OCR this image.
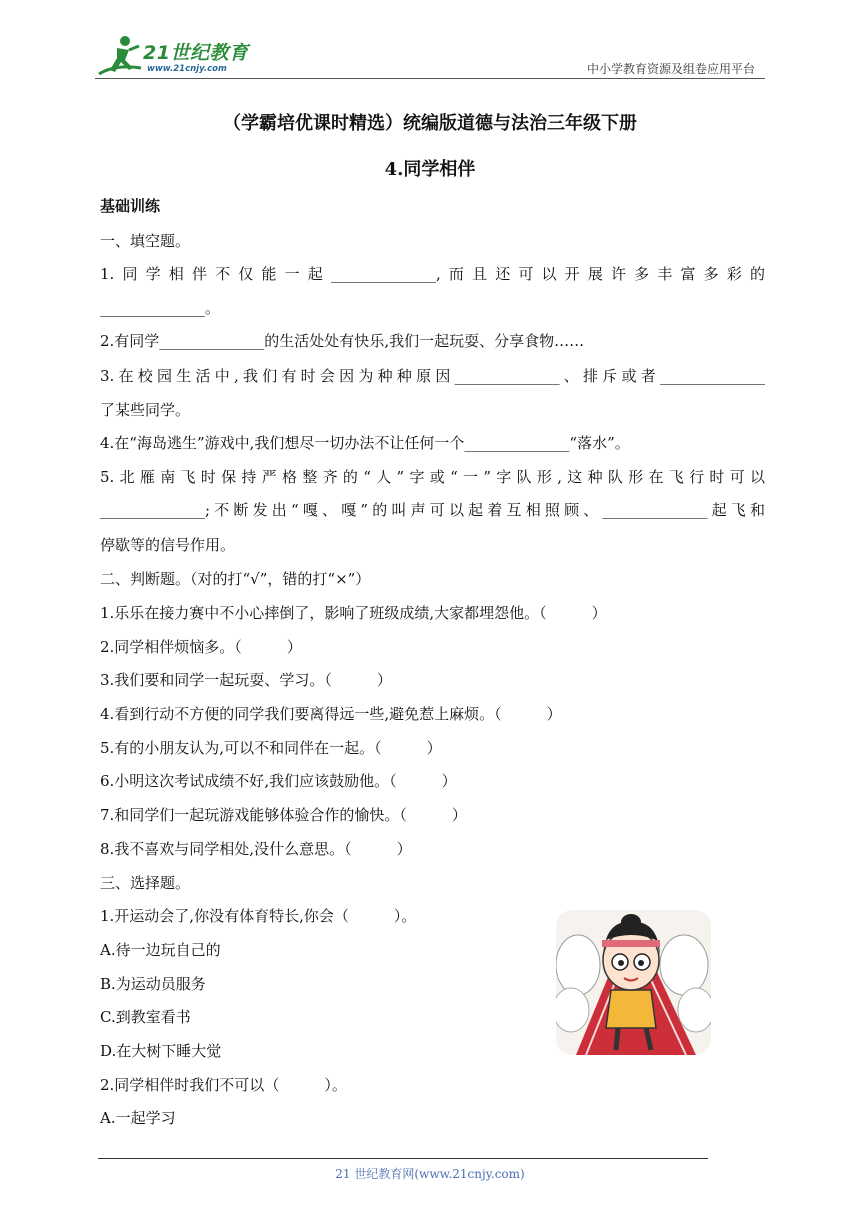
21世纪教育
www.21cnjy.com	中小学教育资源及组卷应用平台
（学霸培优课时精选）统编版道德与法治三年级下册
4.同学相伴
基础训练
一、填空题。
1.同学相伴不仅能一起______________,而且还可以开展许多丰富多彩的
______________。
2.有同学______________的生活处处有快乐,我们一起玩耍、分享食物……
3.在校园生活中,我们有时会因为种种原因______________、排斥或者______________
了某些同学。
4.在“海岛逃生”游戏中,我们想尽一切办法不让任何一个______________“落水”。
5.北雁南飞时保持严格整齐的“人”字或“一”字队形,这种队形在飞行时可以
______________;不断发出“嘎、嘎”的叫声可以起着互相照顾、______________起飞和
停歇等的信号作用。
二、判断题。（对的打“√”，错的打“×”）
1.乐乐在接力赛中不小心摔倒了，影响了班级成绩,大家都埋怨他。（　　　）
2.同学相伴烦恼多。（　　　）
3.我们要和同学一起玩耍、学习。（　　　）
4.看到行动不方便的同学我们要离得远一些,避免惹上麻烦。（　　　）
5.有的小朋友认为,可以不和同伴在一起。（　　　）
6.小明这次考试成绩不好,我们应该鼓励他。（　　　）
7.和同学们一起玩游戏能够体验合作的愉快。（　　　）
8.我不喜欢与同学相处,没什么意思。（　　　）
三、选择题。
1.开运动会了,你没有体育特长,你会（　　　）。
A.待一边玩自己的
B.为运动员服务
C.到教室看书
D.在大树下睡大觉
2.同学相伴时我们不可以（　　　）。
A.一起学习
21 世纪教育网(www.21cnjy.com)
